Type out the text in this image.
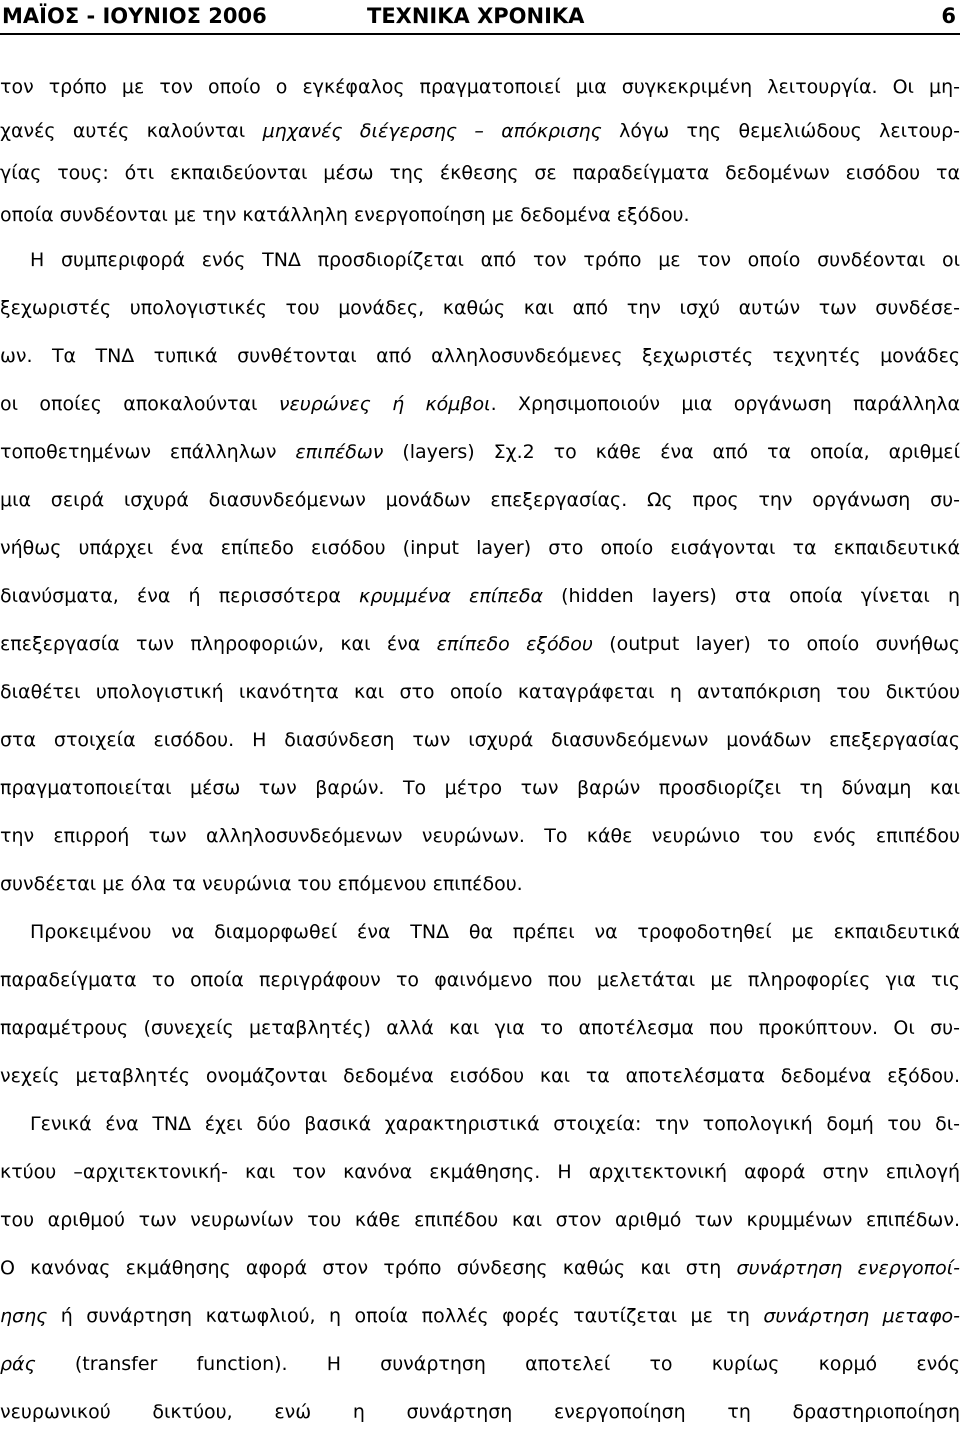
ΜΑΪΟΣ - ΙΟΥΝΙΟΣ 2006	ΤΕΧΝΙΚΑ ΧΡΟΝΙΚΑ	6
τον τρόπο με τον οποίο ο εγκέφαλος πραγματοποιεί μια συγκεκριμένη λειτουργία. Οι μη-
χανές αυτές καλούνται μηχανές διέγερσης – απόκρισης λόγω της θεμελιώδους λειτουρ-
γίας τους: ότι εκπαιδεύονται μέσω της έκθεσης σε παραδείγματα δεδομένων εισόδου τα
οποία συνδέονται με την κατάλληλη ενεργοποίηση με δεδομένα εξόδου.
Η συμπεριφορά ενός ΤΝΔ προσδιορίζεται από τον τρόπο με τον οποίο συνδέονται οι
ξεχωριστές υπολογιστικές του μονάδες, καθώς και από την ισχύ αυτών των συνδέσε-
ων. Τα ΤΝΔ τυπικά συνθέτονται από αλληλοσυνδεόμενες ξεχωριστές τεχνητές μονάδες
οι οποίες αποκαλούνται νευρώνες ή κόμβοι. Χρησιμοποιούν μια οργάνωση παράλληλα
τοποθετημένων επάλληλων επιπέδων (layers) Σχ.2 το κάθε ένα από τα οποία, αριθμεί
μια σειρά ισχυρά διασυνδεόμενων μονάδων επεξεργασίας. Ως προς την οργάνωση συ-
νήθως υπάρχει ένα επίπεδο εισόδου (input layer) στο οποίο εισάγονται τα εκπαιδευτικά
διανύσματα, ένα ή περισσότερα κρυμμένα επίπεδα (hidden layers) στα οποία γίνεται η
επεξεργασία των πληροφοριών, και ένα επίπεδο εξόδου (output layer) το οποίο συνήθως
διαθέτει υπολογιστική ικανότητα και στο οποίο καταγράφεται η ανταπόκριση του δικτύου
στα στοιχεία εισόδου. Η διασύνδεση των ισχυρά διασυνδεόμενων μονάδων επεξεργασίας
πραγματοποιείται μέσω των βαρών. Το μέτρο των βαρών προσδιορίζει τη δύναμη και
την επιρροή των αλληλοσυνδεόμενων νευρώνων. Το κάθε νευρώνιο του ενός επιπέδου
συνδέεται με όλα τα νευρώνια του επόμενου επιπέδου.
Προκειμένου να διαμορφωθεί ένα ΤΝΔ θα πρέπει να τροφοδοτηθεί με εκπαιδευτικά
παραδείγματα το οποία περιγράφουν το φαινόμενο που μελετάται με πληροφορίες για τις
παραμέτρους (συνεχείς μεταβλητές) αλλά και για το αποτέλεσμα που προκύπτουν. Οι συ-
νεχείς μεταβλητές ονομάζονται δεδομένα εισόδου και τα αποτελέσματα δεδομένα εξόδου.
Γενικά ένα ΤΝΔ έχει δύο βασικά χαρακτηριστικά στοιχεία: την τοπολογική δομή του δι-
κτύου –αρχιτεκτονική- και τον κανόνα εκμάθησης. Η αρχιτεκτονική αφορά στην επιλογή
του αριθμού των νευρωνίων του κάθε επιπέδου και στον αριθμό των κρυμμένων επιπέδων.
Ο κανόνας εκμάθησης αφορά στον τρόπο σύνδεσης καθώς και στη συνάρτηση ενεργοποί-
ησης ή συνάρτηση κατωφλιού, η οποία πολλές φορές ταυτίζεται με τη συνάρτηση μεταφο-
ράς (transfer function). Η συνάρτηση αποτελεί το κυρίως κορμό ενός
νευρωνικού δικτύου, ενώ η συνάρτηση ενεργοποίηση τη δραστηριοποίηση
